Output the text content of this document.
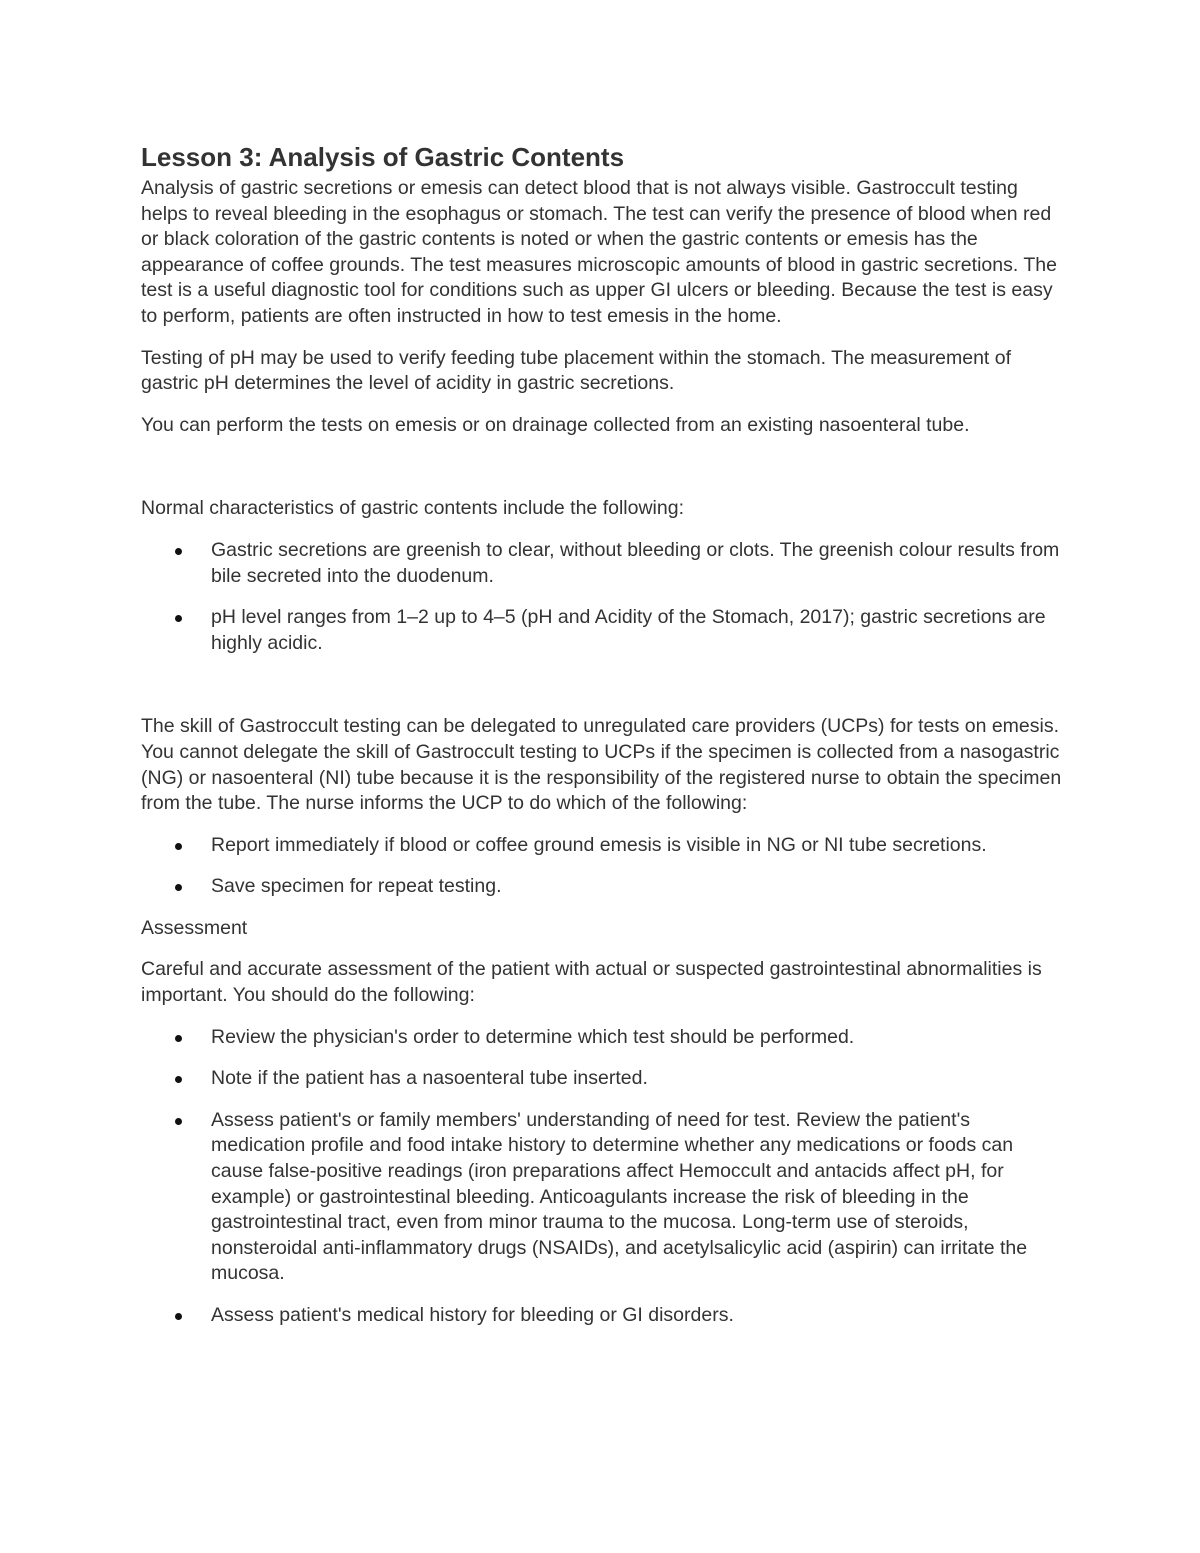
Lesson 3: Analysis of Gastric Contents

Analysis of gastric secretions or emesis can detect blood that is not always visible. Gastroccult testing helps to reveal bleeding in the esophagus or stomach. The test can verify the presence of blood when red or black coloration of the gastric contents is noted or when the gastric contents or emesis has the appearance of coffee grounds. The test measures microscopic amounts of blood in gastric secretions. The test is a useful diagnostic tool for conditions such as upper GI ulcers or bleeding. Because the test is easy to perform, patients are often instructed in how to test emesis in the home.

Testing of pH may be used to verify feeding tube placement within the stomach. The measurement of gastric pH determines the level of acidity in gastric secretions.

You can perform the tests on emesis or on drainage collected from an existing nasoenteral tube.

Normal characteristics of gastric contents include the following:

Gastric secretions are greenish to clear, without bleeding or clots. The greenish colour results from bile secreted into the duodenum.
pH level ranges from 1–2 up to 4–5 (pH and Acidity of the Stomach, 2017); gastric secretions are highly acidic.

The skill of Gastroccult testing can be delegated to unregulated care providers (UCPs) for tests on emesis. You cannot delegate the skill of Gastroccult testing to UCPs if the specimen is collected from a nasogastric (NG) or nasoenteral (NI) tube because it is the responsibility of the registered nurse to obtain the specimen from the tube. The nurse informs the UCP to do which of the following:

Report immediately if blood or coffee ground emesis is visible in NG or NI tube secretions.
Save specimen for repeat testing.

Assessment

Careful and accurate assessment of the patient with actual or suspected gastrointestinal abnormalities is important. You should do the following:

Review the physician's order to determine which test should be performed.
Note if the patient has a nasoenteral tube inserted.
Assess patient's or family members' understanding of need for test. Review the patient's medication profile and food intake history to determine whether any medications or foods can cause false-positive readings (iron preparations affect Hemoccult and antacids affect pH, for example) or gastrointestinal bleeding. Anticoagulants increase the risk of bleeding in the gastrointestinal tract, even from minor trauma to the mucosa. Long-term use of steroids, nonsteroidal anti-inflammatory drugs (NSAIDs), and acetylsalicylic acid (aspirin) can irritate the mucosa.
Assess patient's medical history for bleeding or GI disorders.
